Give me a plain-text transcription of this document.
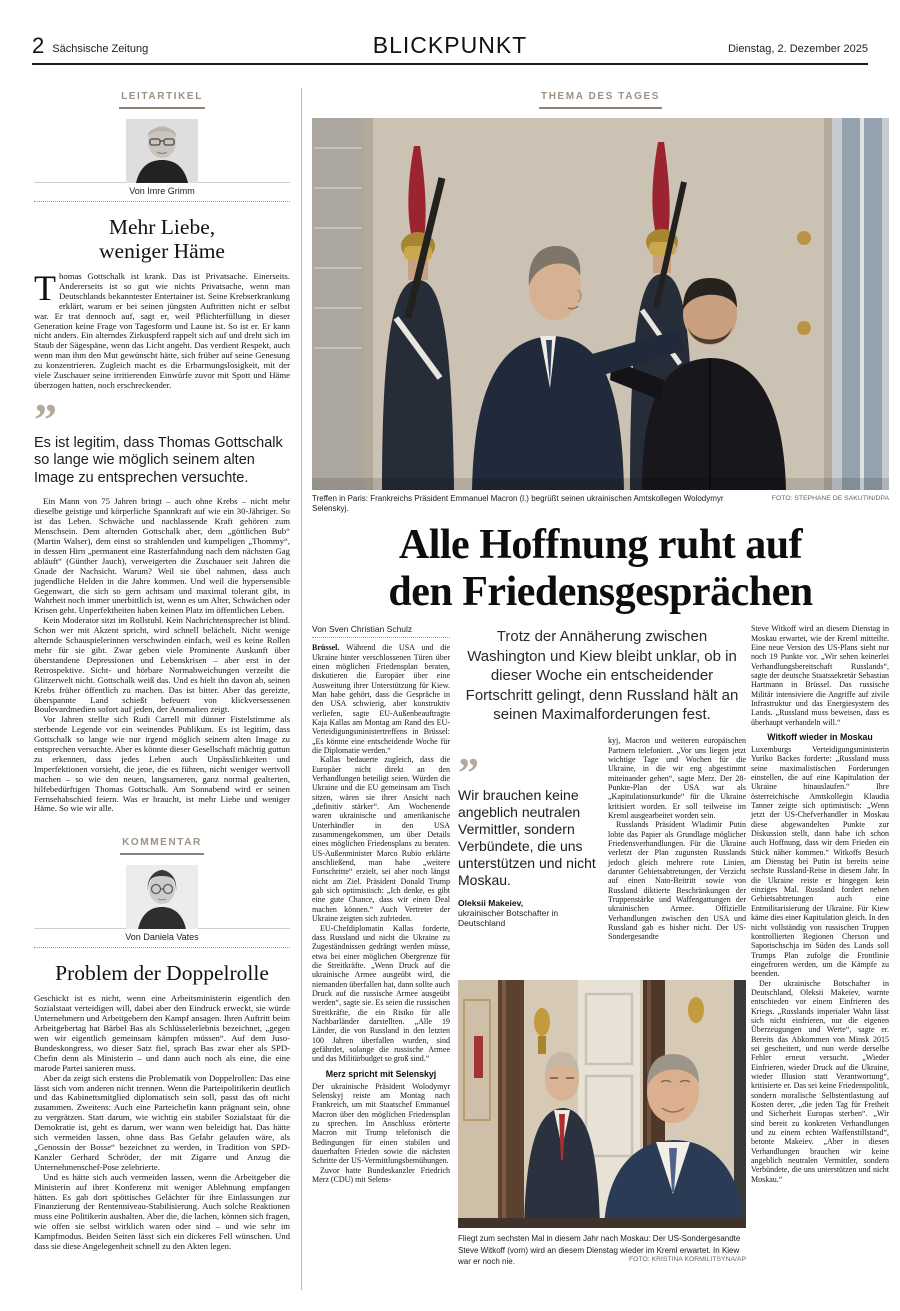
2 Sächsische Zeitung	BLICKPUNKT	Dienstag, 2. Dezember 2025
LEITARTIKEL
Von Imre Grimm
Mehr Liebe,
weniger Häme

Thomas Gottschalk ist krank. Das ist Privatsache. Einerseits. Andererseits ist so gut wie nichts Privatsache, wenn man Deutschlands bekanntester Entertainer ist. Seine Krebserkrankung erklärt, warum er bei seinen jüngsten Auftritten nicht er selbst war. Er trat dennoch auf, sagt er, weil Pflichterfüllung in dieser Generation keine Frage von Tagesform und Laune ist. So ist er. Er kann nicht anders. Ein alterndes Zirkuspferd rappelt sich auf und dreht sich im Staub der Sägespäne, wenn das Licht angeht. Das verdient Respekt, auch wenn man ihm den Mut gewünscht hätte, sich früher auf seine Genesung zu konzentrieren. Zugleich macht es die Erbarmungslosigkeit, mit der viele Zuschauer seine irritierenden Einwürfe zuvor mit Spott und Häme überzogen hatten, noch erschreckender.

”
Es ist legitim, dass Thomas Gottschalk so lange wie möglich seinem alten Image zu entsprechen versuchte.

Ein Mann von 75 Jahren bringt – auch ohne Krebs – nicht mehr dieselbe geistige und körperliche Spannkraft auf wie ein 30-Jähriger. So ist das Leben. Schwäche und nachlassende Kraft gehören zum Menschsein. Dem alternden Gottschalk aber, dem „göttlichen Bub“ (Martin Walser), dem einst so strahlenden und kumpeligen „Thommy“, in dessen Hirn „permanent eine Rasterfahndung nach dem nächsten Gag abläuft“ (Günther Jauch), verweigerten die Zuschauer seit Jahren die Gnade der Nachsicht. Warum? Weil sie übel nahmen, dass auch jugendliche Helden in die Jahre kommen. Und weil die hypersensible Gegenwart, die sich so gern achtsam und maximal tolerant gibt, in Wahrheit noch immer unerbittlich ist, wenn es um Alter, Schwächen oder Krisen geht. Unperfektheiten haben keinen Platz im öffentlichen Leben.

Kein Moderator sitzt im Rollstuhl. Kein Nachrichtensprecher ist blind. Schon wer mit Akzent spricht, wird schnell belächelt. Nicht wenige alternde Schauspielerinnen verschwinden einfach, weil es keine Rollen mehr für sie gibt. Zwar geben viele Prominente Auskunft über überstandene Depressionen und Lebenskrisen – aber erst in der Retrospektive. Sicht- und hörbare Normabweichungen verzeiht die Glitzerwelt nicht. Gottschalk weiß das. Und es hielt ihn davon ab, seinen Krebs früher öffentlich zu machen. Das ist bitter. Aber das gereizte, überspannte Land schießt befeuert von klickversessenen Boulevardmedien sofort auf jeden, der Anomalien zeigt.

Vor Jahren stellte sich Rudi Carrell mit dünner Fistelstimme als sterbende Legende vor ein weinendes Publikum. Es ist legitim, dass Gottschalk so lange wie nur irgend möglich seinem alten Image zu entsprechen versuchte. Aber es könnte dieser Gesellschaft mächtig guttun zu erkennen, dass jedes Leben auch Unpässlichkeiten und Imperfektionen vorsieht, die jene, die es führen, nicht weniger wertvoll machen – so wie den neuen, langsameren, ganz normal gealterten, hilfebedürftigen Thomas Gottschalk. Am Sonnabend wird er seinen Fernsehabschied feiern. Was er braucht, ist mehr Liebe und weniger Häme. So wie wir alle.

KOMMENTAR
Von Daniela Vates
Problem der Doppelrolle

Geschickt ist es nicht, wenn eine Arbeitsministerin eigentlich den Sozialstaat verteidigen will, dabei aber den Eindruck erweckt, sie würde Unternehmern und Arbeitgebern den Kampf ansagen. Ihren Auftritt beim Arbeitgebertag hat Bärbel Bas als Schlüsselerlebnis bezeichnet, „gegen wen wir eigentlich gemeinsam kämpfen müssen“. Auf dem Juso-Bundeskongress, wo dieser Satz fiel, sprach Bas zwar eher als SPD-Chefin denn als Ministerin – und dann auch noch als eine, die eine marode Partei sanieren muss.

Aber da zeigt sich erstens die Problematik von Doppelrollen: Das eine lässt sich vom anderen nicht trennen. Wenn die Parteipolitikerin deutlich und das Kabinettsmitglied diplomatisch sein soll, passt das oft nicht zusammen. Zweitens: Auch eine Parteichefin kann prägnant sein, ohne zu vergrätzen. Statt darum, wie wichtig ein stabiler Sozialstaat für die Demokratie ist, geht es darum, wer wann wen beleidigt hat. Das hätte sich vermeiden lassen, ohne dass Bas Gefahr gelaufen wäre, als „Genossin der Bosse“ bezeichnet zu werden, in Tradition von SPD-Kanzler Gerhard Schröder, der mit Zigarre und Anzug die Unternehmenschef-Pose zelebrierte.

Und es hätte sich auch vermeiden lassen, wenn die Arbeitgeber die Ministerin auf ihrer Konferenz mit weniger Ablehnung empfangen hätten. Es gab dort spöttisches Gelächter für ihre Einlassungen zur Finanzierung der Rentenniveau-Stabilisierung. Auch solche Reaktionen muss eine Politikerin aushalten. Aber die, die lachen, können sich fragen, wie offen sie selbst wirklich waren oder sind – und wie sehr im Kampfmodus. Beiden Seiten lässt sich ein dickeres Fell wünschen. Und dass sie diese Angelegenheit schnell zu den Akten legen.

THEMA DES TAGES
Treffen in Paris: Frankreichs Präsident Emmanuel Macron (l.) begrüßt seinen ukrainischen Amtskollegen Wolodymyr Selenskyj.
FOTO: STEPHANE DE SAKUTIN/DPA
Alle Hoffnung ruht auf
den Friedensgesprächen
Von Sven Christian Schulz

Brüssel. Während die USA und die Ukraine hinter verschlossenen Türen über einen möglichen Friedensplan beraten, diskutieren die Europäer über eine Ausweitung ihrer Unterstützung für Kiew. Man habe gehört, dass die Gespräche in den USA schwierig, aber konstruktiv verliefen, sagte EU-Außenbeauftragte Kaja Kallas am Montag am Rand des EU-Verteidigungsministertreffens in Brüssel: „Es könnte eine entscheidende Woche für die Diplomatie werden.“

Kallas bedauerte zugleich, dass die Europäer nicht direkt an den Verhandlungen beteiligt seien. Würden die Ukraine und die EU gemeinsam am Tisch sitzen, wären sie ihrer Ansicht nach „definitiv stärker“. Am Wochenende waren ukrainische und amerikanische Unterhändler in den USA zusammengekommen, um über Details eines möglichen Friedensplans zu beraten. US-Außenminister Marco Rubio erklärte anschließend, man habe „weitere Fortschritte“ erzielt, sei aber noch längst nicht am Ziel. Präsident Donald Trump gab sich optimistisch: „Ich denke, es gibt eine gute Chance, dass wir einen Deal machen können.“ Auch Vertreter der Ukraine zeigten sich zufrieden.

EU-Chefdiplomatin Kallas forderte, dass Russland und nicht die Ukraine zu Zugeständnissen gedrängt werden müsse, etwa bei einer möglichen Obergrenze für die Streitkräfte. „Wenn Druck auf die ukrainische Armee ausgeübt wird, die niemanden überfallen hat, dann sollte auch Druck auf die russische Armee ausgeübt werden“, sagte sie. Es seien die russischen Streitkräfte, die ein Risiko für alle Nachbarländer darstellten. „Alle 19 Länder, die von Russland in den letzten 100 Jahren überfallen wurden, sind gefährdet, solange die russische Armee und das Militärbudget so groß sind.“

Merz spricht mit Selenskyj

Der ukrainische Präsident Wolodymyr Selenskyj reiste am Montag nach Frankreich, um mit Staatschef Emmanuel Macron über den möglichen Friedensplan zu sprechen. Im Anschluss erörterte Macron mit Trump telefonisch die Bedingungen für einen stabilen und dauerhaften Frieden sowie die nächsten Schritte der US-Vermittlungsbemühungen.

Zuvor hatte Bundeskanzler Friedrich Merz (CDU) mit Selens-

Trotz der Annäherung zwischen Washington und Kiew bleibt unklar, ob in dieser Woche ein entscheidender Fortschritt gelingt, denn Russland hält an seinen Maximalforderungen fest.
”
Wir brauchen keine angeblich neutralen Vermittler, sondern Verbündete, die uns unterstützen und nicht Moskau.
Oleksii Makeiev,
ukrainischer Botschafter in Deutschland

kyj, Macron und weiteren europäischen Partnern telefoniert. „Vor uns liegen jetzt wichtige Tage und Wochen für die Ukraine, in die wir eng abgestimmt miteinander gehen“, sagte Merz. Der 28-Punkte-Plan der USA war als „Kapitulationsurkunde“ für die Ukraine kritisiert worden. Er soll teilweise im Kreml ausgearbeitet worden sein.

Russlands Präsident Wladimir Putin lobte das Papier als Grundlage möglicher Friedensverhandlungen. Für die Ukraine verletzt der Plan zugunsten Russlands jedoch gleich mehrere rote Linien, darunter Gebietsabtretungen, der Verzicht auf einen Nato-Beitritt sowie von Russland diktierte Beschränkungen der Truppenstärke und Waffengattungen der ukrainischen Armee. Offizielle Verhandlungen zwischen den USA und Russland gab es bisher nicht. Der US-Sondergesandte

Fliegt zum sechsten Mal in diesem Jahr nach Moskau: Der US-Sondergesandte Steve Witkoff (vorn) wird an diesem Dienstag wieder im Kreml erwartet. In Kiew war er noch nie.	FOTO: KRISTINA KORMILITSYNA/AP

Steve Witkoff wird an diesem Dienstag in Moskau erwartet, wie der Kreml mitteilte. Eine neue Version des US-Plans sieht nur noch 19 Punkte vor. „Wir sehen keinerlei Verhandlungsbereitschaft Russlands“, sagte der deutsche Staatssekretär Sebastian Hartmann in Brüssel. Das russische Militär intensiviere die Angriffe auf zivile Infrastruktur und das Energiesystem des Lands. „Russland muss beweisen, dass es überhaupt verhandeln will.“

Witkoff wieder in Moskau

Luxemburgs Verteidigungsministerin Yuriko Backes forderte: „Russland muss seine maximalistischen Forderungen einstellen, die auf eine Kapitulation der Ukraine hinauslaufen.“ Ihre österreichische Amtskollegin Klaudia Tanner zeigte sich optimistisch: „Wenn jetzt der US-Chefverhandler in Moskau diese abgewandelten Punkte zur Diskussion stellt, dann habe ich schon auch Hoffnung, dass wir dem Frieden ein Stück näher kommen.“ Witkoffs Besuch am Dienstag bei Putin ist bereits seine sechste Russland-Reise in diesem Jahr. In die Ukraine reiste er hingegen kein einziges Mal. Russland fordert neben Gebietsabtretungen auch eine Entmilitarisierung der Ukraine. Für Kiew käme dies einer Kapitulation gleich. In den nicht vollständig von russischen Truppen kontrollierten Regionen Cherson und Saporischschja im Süden des Lands soll Trumps Plan zufolge die Frontlinie eingefroren werden, um die Kämpfe zu beenden.

Der ukrainische Botschafter in Deutschland, Oleksii Makeiev, warnte entschieden vor einem Einfrieren des Kriegs. „Russlands imperialer Wahn lässt sich nicht einfrieren, nur die eigenen Überzeugungen und Werte“, sagte er. Bereits das Abkommen von Minsk 2015 sei gescheitert, und nun werde derselbe Fehler erneut versucht. „Wieder Einfrieren, wieder Druck auf die Ukraine, wieder Illusion statt Verantwortung“, kritisierte er. Das sei keine Friedenspolitik, sondern moralische Selbstentlastung auf Kosten derer, „die jeden Tag für Freiheit und Sicherheit Europas sterben“. „Wir sind bereit zu konkreten Verhandlungen und zu einem echten Waffenstillstand“, betonte Makeiev. „Aber in diesen Verhandlungen brauchen wir keine angeblich neutralen Vermittler, sondern Verbündete, die uns unterstützen und nicht Moskau.“
